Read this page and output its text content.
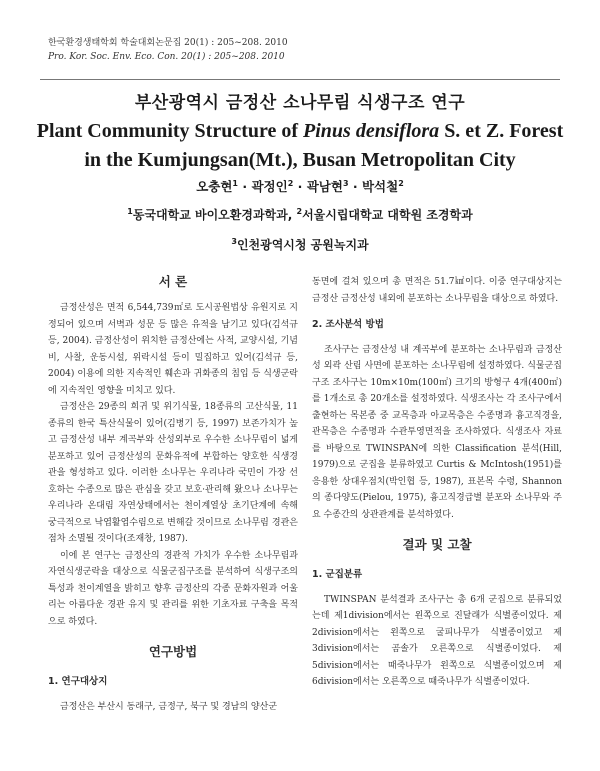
한국환경생태학회 학술대회논문집 20(1) : 205~208. 2010
Pro. Kor. Soc. Env. Eco. Con. 20(1) : 205~208. 2010
부산광역시 금정산 소나무림 식생구조 연구
Plant Community Structure of Pinus densiflora S. et Z. Forest
in the Kumjungsan(Mt.), Busan Metropolitan City
오충현$^1$ · 곽정인$^2$ · 곽남현$^3$ · 박석철$^2$
$^1$동국대학교 바이오환경과학과, $^2$서울시립대학교 대학원 조경학과
$^3$인천광역시청 공원녹지과
서 론

금정산성은 면적 6,544,739㎡로 도시공원법상 유원지로 지정되어 있으며 서벽과 성문 등 많은 유적을 남기고 있다(김석규 등, 2004). 금정산성이 위치한 금정산에는 사적, 교양시설, 기념비, 사찰, 운동시설, 위락시설 등이 밀집하고 있어(김석규 등, 2004) 이용에 의한 지속적인 훼손과 귀화종의 침입 등 식생군락에 지속적인 영향을 미치고 있다.

금정산은 29종의 희귀 및 위기식물, 18종류의 고산식물, 11종류의 한국 특산식물이 있어(김병기 등, 1997) 보존가치가 높고 금정산성 내부 계곡부와 산성외부로 우수한 소나무림이 넓게 분포하고 있어 금정산성의 문화유적에 부합하는 양호한 식생경관을 형성하고 있다. 이러한 소나무는 우리나라 국민이 가장 선호하는 수종으로 많은 관심을 갖고 보호·관리해 왔으나 소나무는 우리나라 온대림 자연상태에서는 천이계열상 초기단계에 속해 궁극적으로 낙엽활엽수림으로 변해갈 것이므로 소나무림 경관은 점차 소멸될 것이다(조재창, 1987).

이에 본 연구는 금정산의 경관적 가치가 우수한 소나무림과 자연식생군락을 대상으로 식물군집구조를 분석하여 식생구조의 특성과 천이계열을 밝히고 향후 금정산의 각종 문화자원과 어울리는 아름다운 경관 유지 및 관리를 위한 기초자료 구축을 목적으로 하였다.

연구방법
1. 연구대상지

금정산은 부산시 동래구, 금정구, 북구 및 경남의 양산군

동면에 걸쳐 있으며 총 면적은 51.7㎢이다. 이중 연구대상지는 금정산 금정산성 내외에 분포하는 소나무림을 대상으로 하였다.

2. 조사분석 방법

조사구는 금정산성 내 계곡부에 분포하는 소나무림과 금정산성 외곽 산림 사면에 분포하는 소나무림에 설정하였다. 식물군집구조 조사구는 10m×10m(100㎡) 크기의 방형구 4개(400㎡)를 1개소로 총 20개소를 설정하였다. 식생조사는 각 조사구에서 출현하는 목본종 중 교목층과 아교목층은 수종명과 흉고직경을, 관목층은 수종명과 수관투영면적을 조사하였다. 식생조사 자료를 바탕으로 TWINSPAN에 의한 Classification 분석(Hill, 1979)으로 군집을 분류하였고 Curtis & McIntosh(1951)를 응용한 상대우점치(박인협 등, 1987), 표본목 수령, Shannon의 종다양도(Pielou, 1975), 흉고직경급별 분포와 소나무와 주요 수종간의 상관관계를 분석하였다.

결과 및 고찰
1. 군집분류

TWINSPAN 분석결과 조사구는 총 6개 군집으로 분류되었는데 제1division에서는 왼쪽으로 진달래가 식별종이었다. 제2division에서는 왼쪽으로 굴피나무가 식별종이었고 제3division에서는 곰솔가 오른쪽으로 식별종이었다. 제5division에서는 때죽나무가 왼쪽으로 식별종이었으며 제6division에서는 오른쪽으로 때죽나무가 식별종이었다.
